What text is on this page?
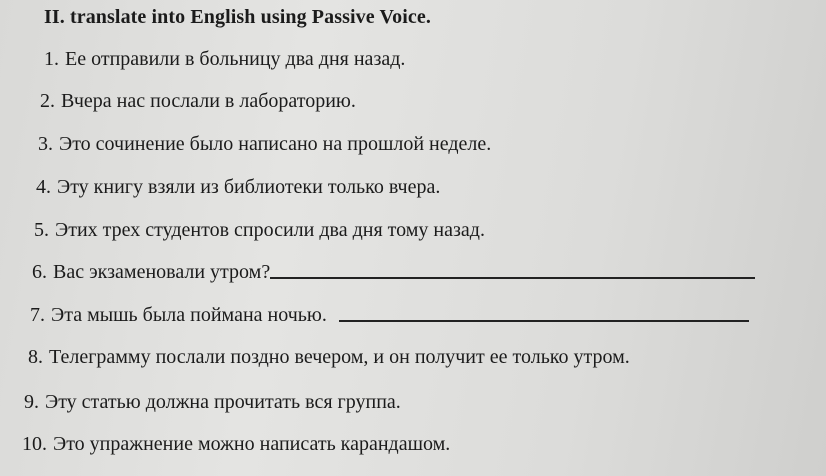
II. translate into English using Passive Voice.
1. Ее отправили в больницу два дня назад.
2. Вчера нас послали в лабораторию.
3. Это сочинение было написано на прошлой неделе.
4. Эту книгу взяли из библиотеки только вчера.
5. Этих трех студентов спросили два дня тому назад.
6. Вас экзаменовали утром?
7. Эта мышь была поймана ночью.
8. Телеграмму послали поздно вечером, и он получит ее только утром.
9. Эту статью должна прочитать вся группа.
10. Это упражнение можно написать карандашом.
